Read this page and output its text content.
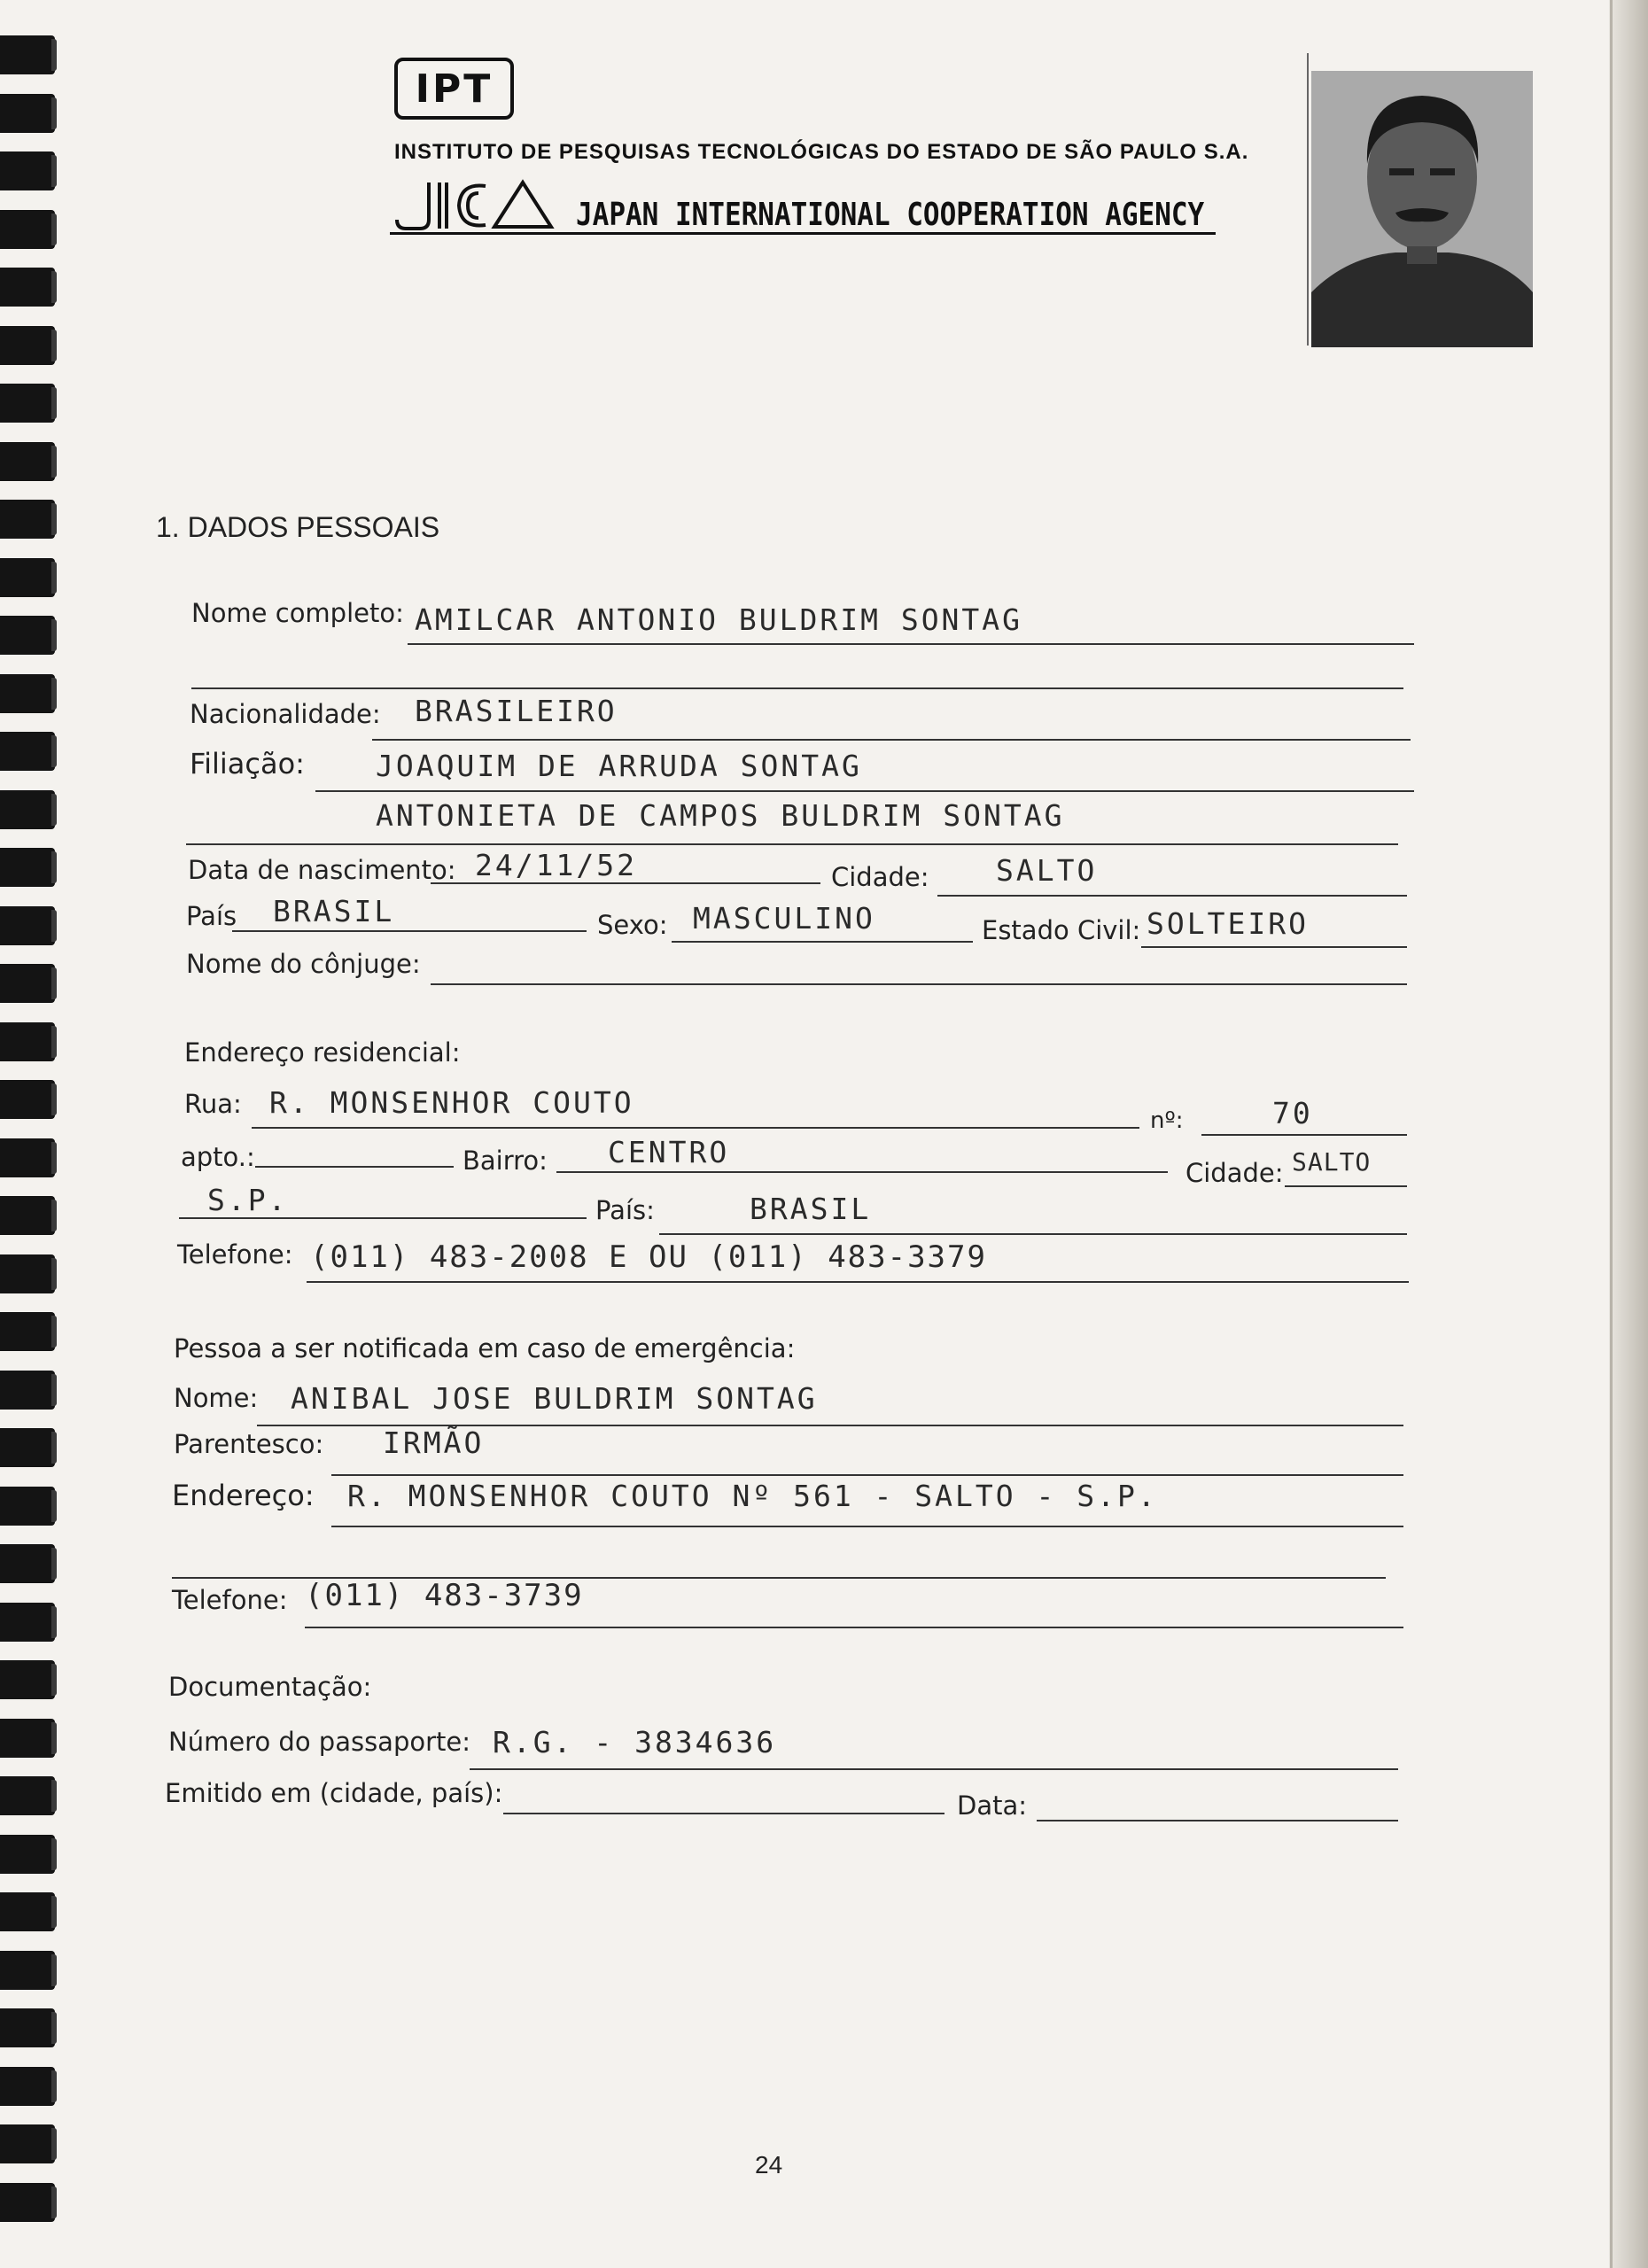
IPT
INSTITUTO DE PESQUISAS TECNOLÓGICAS DO ESTADO DE SÃO PAULO S.A.
JAPAN INTERNATIONAL COOPERATION AGENCY
1. DADOS PESSOAIS
Nome completo: AMILCAR ANTONIO BULDRIM SONTAG
Nacionalidade: BRASILEIRO
Filiação: JOAQUIM DE ARRUDA SONTAG
ANTONIETA DE CAMPOS BULDRIM SONTAG
Data de nascimento: 24/11/52	Cidade: SALTO
País BRASIL	Sexo: MASCULINO	Estado Civil: SOLTEIRO
Nome do cônjuge:
Endereço residencial:
Rua: R. MONSENHOR COUTO
nº:	70
apto.:	Bairro: CENTRO
Cidade: SALTO
S.P.	País:	BRASIL
Telefone: (011) 483-2008 E OU (011) 483-3379
Pessoa a ser notificada em caso de emergência:
Nome: ANIBAL JOSE BULDRIM SONTAG
Parentesco: IRMÃO
Endereço: R. MONSENHOR COUTO Nº 561 - SALTO - S.P.
Telefone: (011) 483-3739
Documentação:
Número do passaporte: R.G. - 3834636
Emitido em (cidade, país):	Data:
24
